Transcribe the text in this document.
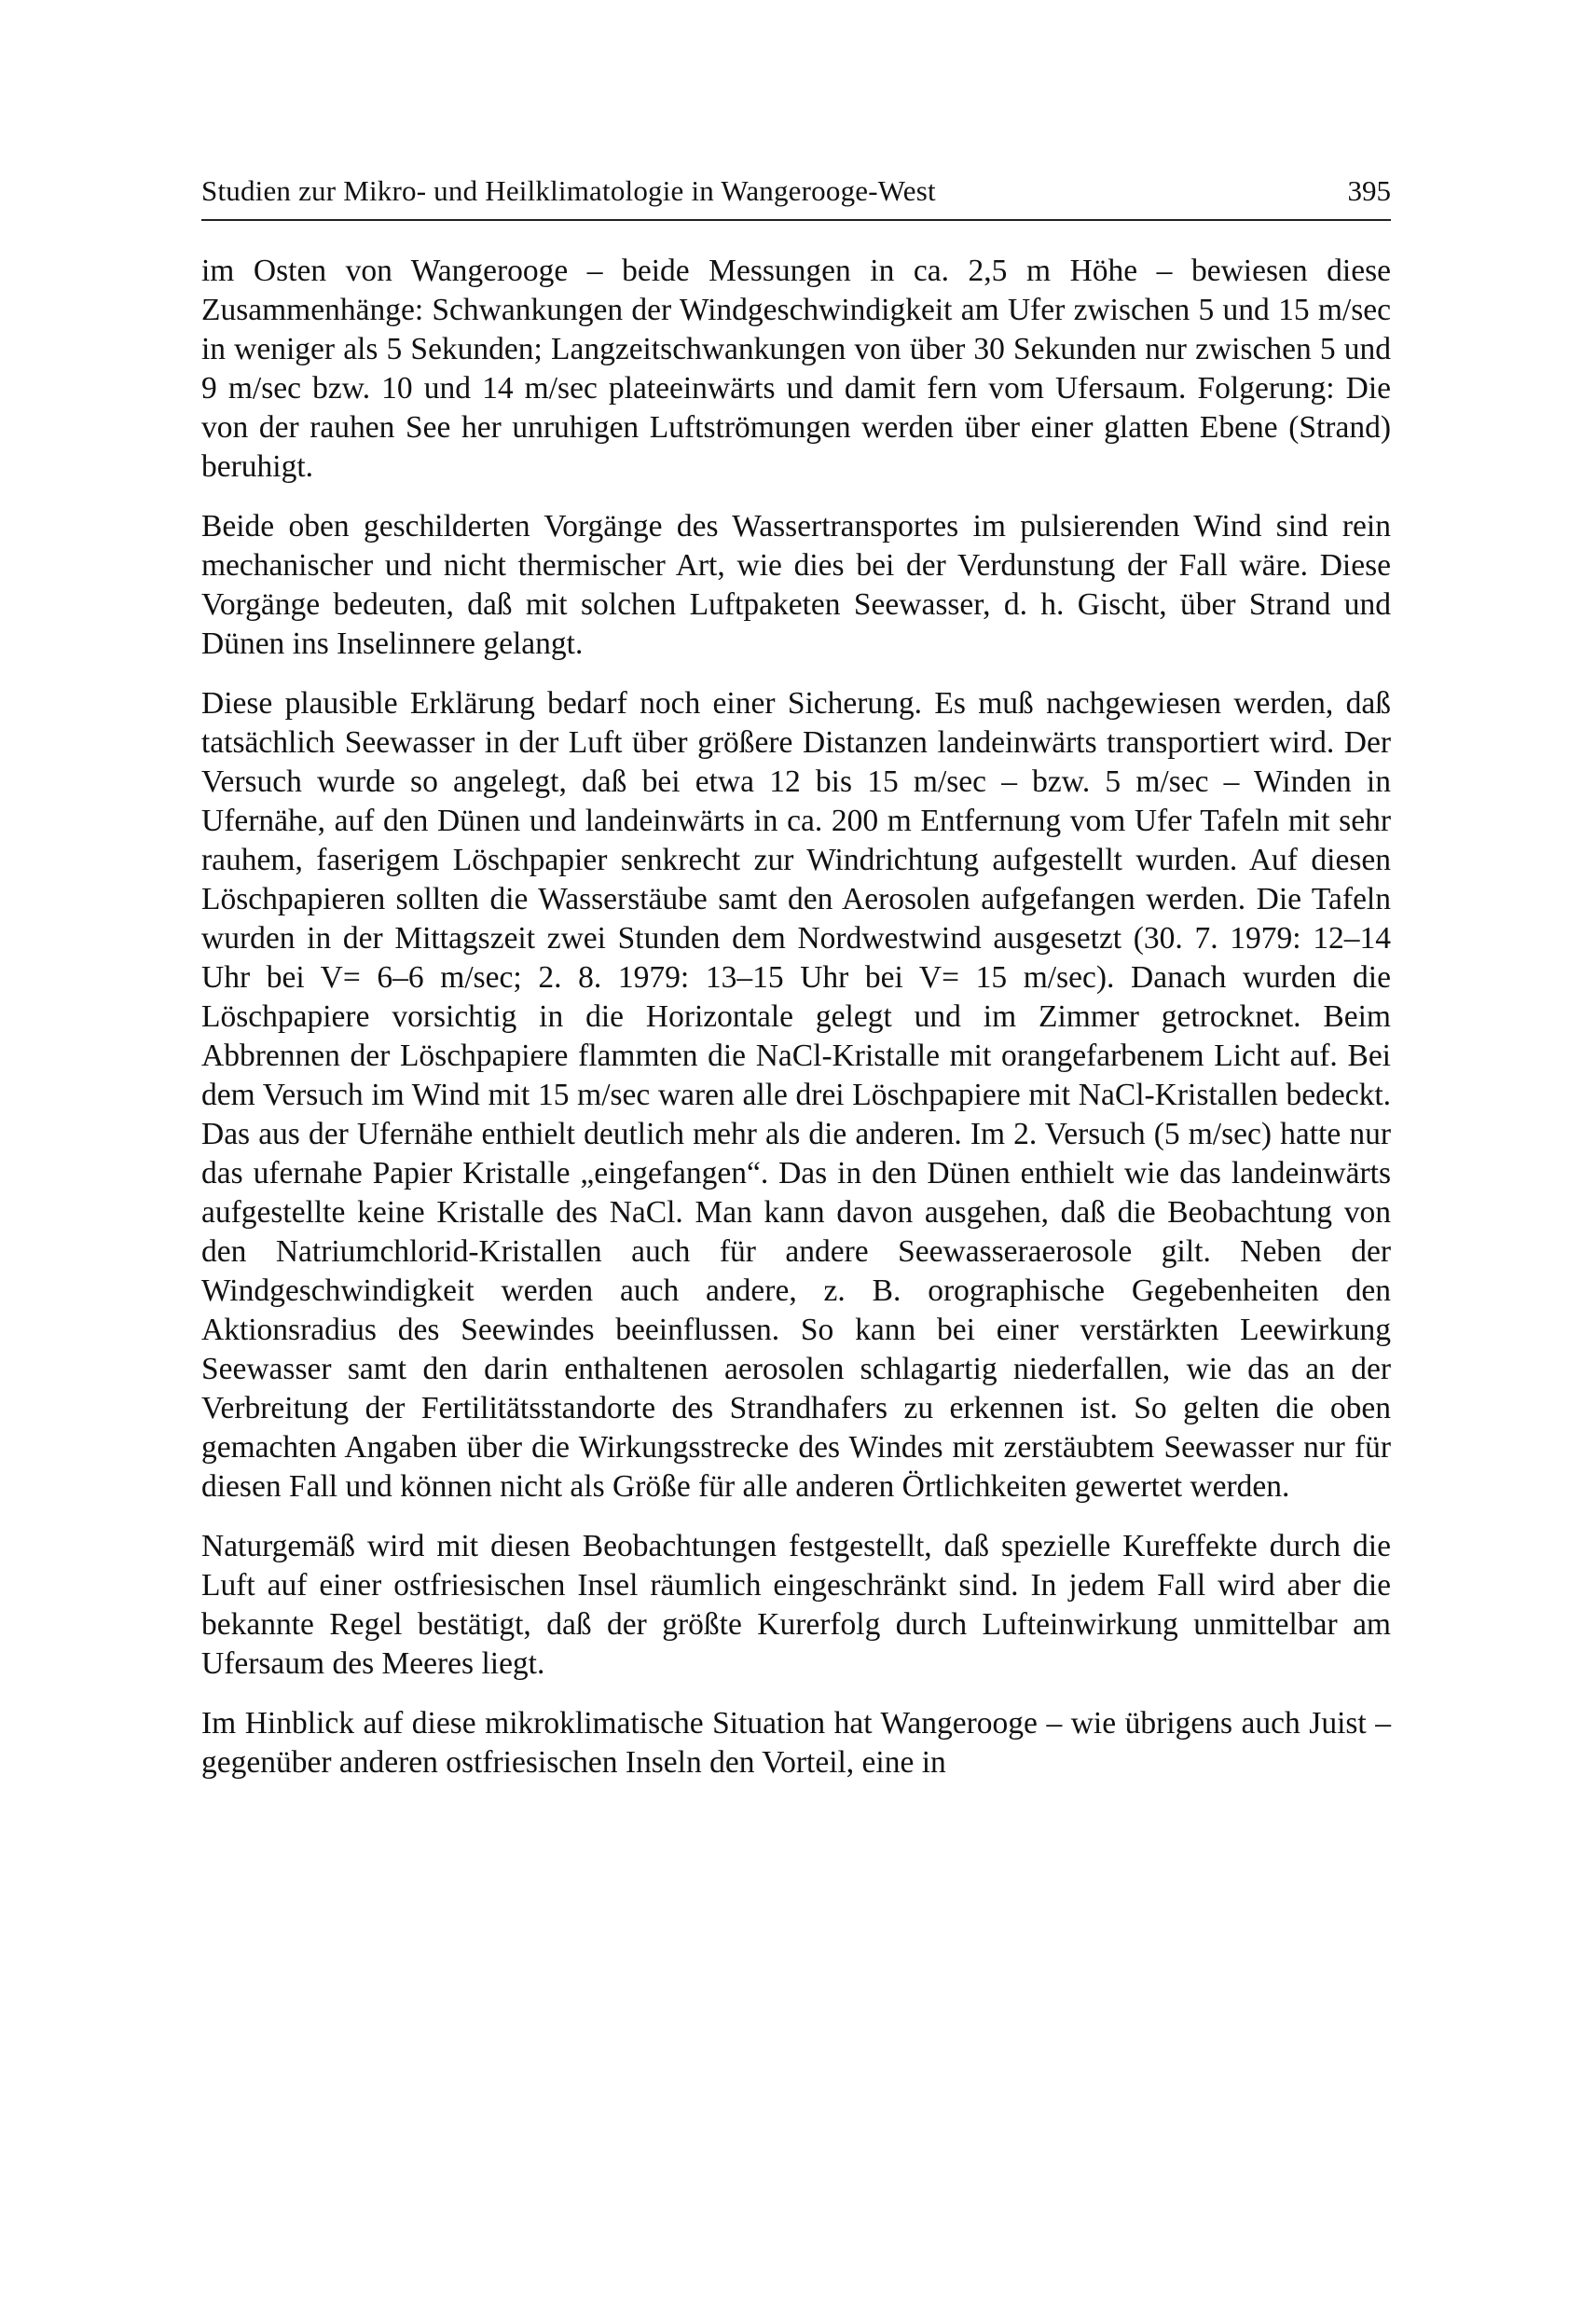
Studien zur Mikro- und Heilklimatologie in Wangerooge-West	395

im Osten von Wangerooge – beide Messungen in ca. 2,5 m Höhe – bewiesen diese Zusammenhänge: Schwankungen der Windgeschwindigkeit am Ufer zwischen 5 und 15 m/sec in weniger als 5 Sekunden; Langzeitschwankungen von über 30 Sekunden nur zwischen 5 und 9 m/sec bzw. 10 und 14 m/sec plateeinwärts und damit fern vom Ufersaum. Folgerung: Die von der rauhen See her unruhigen Luftströmungen werden über einer glatten Ebene (Strand) beruhigt.

Beide oben geschilderten Vorgänge des Wassertransportes im pulsierenden Wind sind rein mechanischer und nicht thermischer Art, wie dies bei der Verdunstung der Fall wäre. Diese Vorgänge bedeuten, daß mit solchen Luftpaketen Seewasser, d. h. Gischt, über Strand und Dünen ins Inselinnere gelangt.

Diese plausible Erklärung bedarf noch einer Sicherung. Es muß nachgewiesen werden, daß tatsächlich Seewasser in der Luft über größere Distanzen landeinwärts transportiert wird. Der Versuch wurde so angelegt, daß bei etwa 12 bis 15 m/sec – bzw. 5 m/sec – Winden in Ufernähe, auf den Dünen und landeinwärts in ca. 200 m Entfernung vom Ufer Tafeln mit sehr rauhem, faserigem Löschpapier senkrecht zur Windrichtung aufgestellt wurden. Auf diesen Löschpapieren sollten die Wasserstäube samt den Aerosolen aufgefangen werden. Die Tafeln wurden in der Mittagszeit zwei Stunden dem Nordwestwind ausgesetzt (30. 7. 1979: 12–14 Uhr bei V= 6–6 m/sec; 2. 8. 1979: 13–15 Uhr bei V= 15 m/sec). Danach wurden die Löschpapiere vorsichtig in die Horizontale gelegt und im Zimmer getrocknet. Beim Abbrennen der Löschpapiere flammten die NaCl-Kristalle mit orangefarbenem Licht auf. Bei dem Versuch im Wind mit 15 m/sec waren alle drei Löschpapiere mit NaCl-Kristallen bedeckt. Das aus der Ufernähe enthielt deutlich mehr als die anderen. Im 2. Versuch (5 m/sec) hatte nur das ufernahe Papier Kristalle „eingefangen“. Das in den Dünen enthielt wie das landeinwärts aufgestellte keine Kristalle des NaCl. Man kann davon ausgehen, daß die Beobachtung von den Natriumchlorid-Kristallen auch für andere Seewasseraerosole gilt. Neben der Windgeschwindigkeit werden auch andere, z. B. orographische Gegebenheiten den Aktionsradius des Seewindes beeinflussen. So kann bei einer verstärkten Leewirkung Seewasser samt den darin enthaltenen aerosolen schlagartig niederfallen, wie das an der Verbreitung der Fertilitätsstandorte des Strandhafers zu erkennen ist. So gelten die oben gemachten Angaben über die Wirkungsstrecke des Windes mit zerstäubtem Seewasser nur für diesen Fall und können nicht als Größe für alle anderen Örtlichkeiten gewertet werden.

Naturgemäß wird mit diesen Beobachtungen festgestellt, daß spezielle Kureffekte durch die Luft auf einer ostfriesischen Insel räumlich eingeschränkt sind. In jedem Fall wird aber die bekannte Regel bestätigt, daß der größte Kurerfolg durch Lufteinwirkung unmittelbar am Ufersaum des Meeres liegt.

Im Hinblick auf diese mikroklimatische Situation hat Wangerooge – wie übrigens auch Juist – gegenüber anderen ostfriesischen Inseln den Vorteil, eine in
